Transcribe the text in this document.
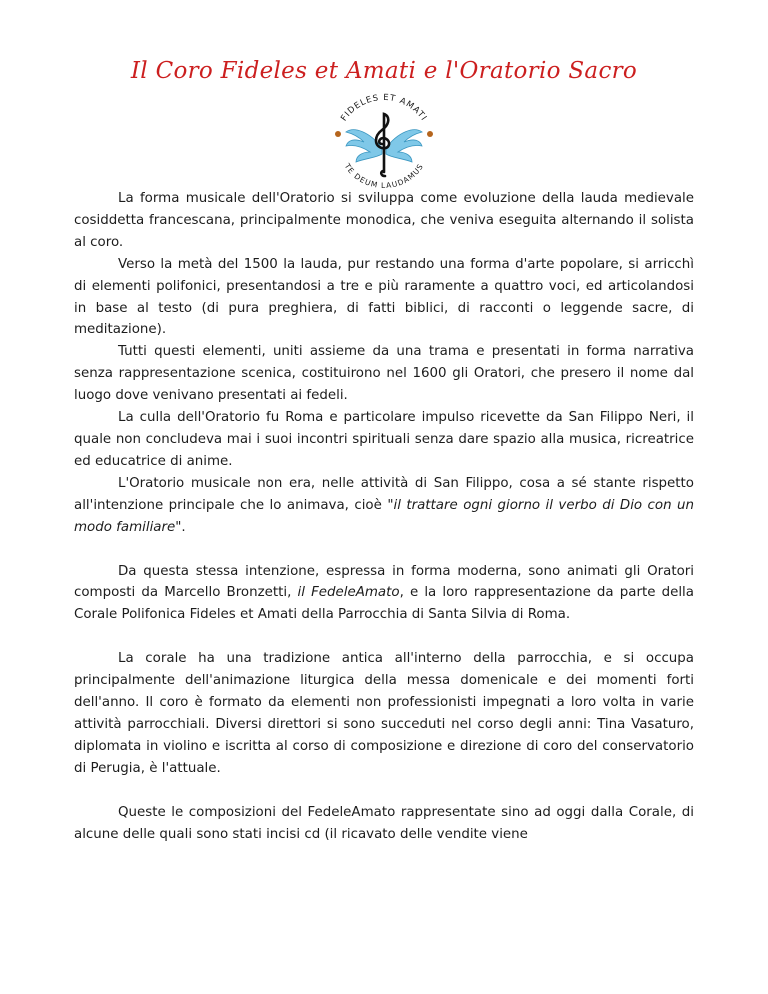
Il Coro Fideles et Amati e l'Oratorio Sacro
FIDELES ET AMATI
TE DEUM LAUDAMUS

La forma musicale dell'Oratorio si sviluppa come evoluzione della lauda medievale cosiddetta francescana, principalmente monodica, che veniva eseguita alternando il solista al coro.

Verso la metà del 1500 la lauda, pur restando una forma d'arte popolare, si arricchì di elementi polifonici, presentandosi a tre e più raramente a quattro voci, ed articolandosi in base al testo (di pura preghiera, di fatti biblici, di racconti o leggende sacre, di meditazione).

Tutti questi elementi, uniti assieme da una trama e presentati in forma narrativa senza rappresentazione scenica, costituirono nel 1600 gli Oratori, che presero il nome dal luogo dove venivano presentati ai fedeli.

La culla dell'Oratorio fu Roma e particolare impulso ricevette da San Filippo Neri, il quale non concludeva mai i suoi incontri spirituali senza dare spazio alla musica, ricreatrice ed educatrice di anime.

L'Oratorio musicale non era, nelle attività di San Filippo, cosa a sé stante rispetto all'intenzione principale che lo animava, cioè "il trattare ogni giorno il verbo di Dio con un modo familiare".

Da questa stessa intenzione, espressa in forma moderna, sono animati gli Oratori composti da Marcello Bronzetti, il FedeleAmato, e la loro rappresentazione da parte della Corale Polifonica Fideles et Amati della Parrocchia di Santa Silvia di Roma.

La corale ha una tradizione antica all'interno della parrocchia, e si occupa principalmente dell'animazione liturgica della messa domenicale e dei momenti forti dell'anno. Il coro è formato da elementi non professionisti impegnati a loro volta in varie attività parrocchiali. Diversi direttori si sono succeduti nel corso degli anni: Tina Vasaturo, diplomata in violino e iscritta al corso di composizione e direzione di coro del conservatorio di Perugia, è l'attuale.

Queste le composizioni del FedeleAmato rappresentate sino ad oggi dalla Corale, di alcune delle quali sono stati incisi cd (il ricavato delle vendite viene
